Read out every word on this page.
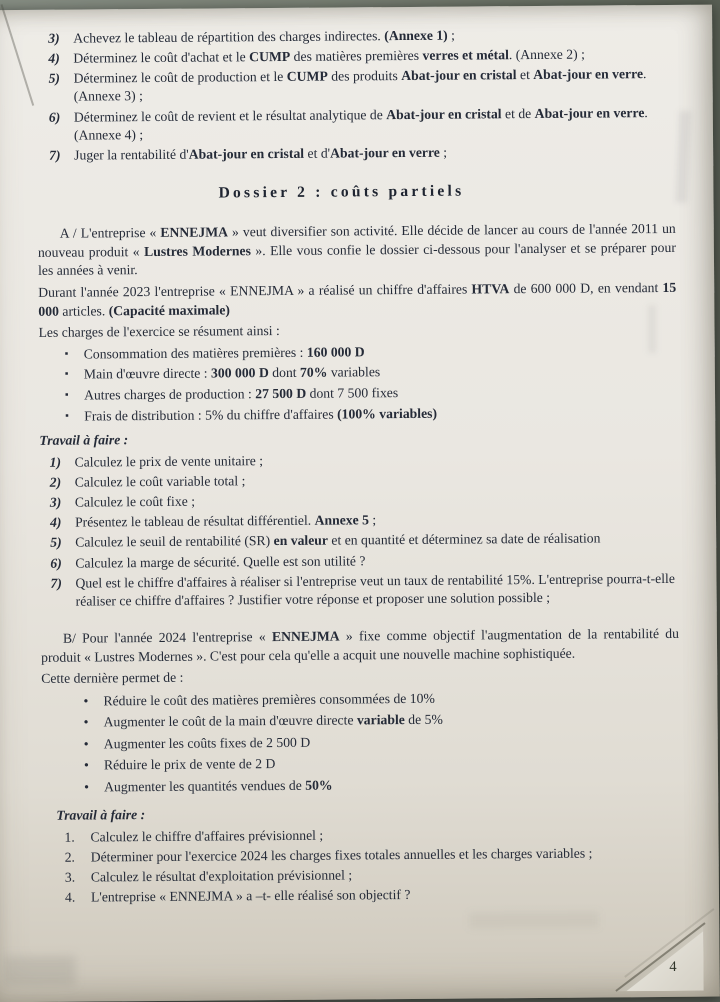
3) Achevez le tableau de répartition des charges indirectes. (Annexe 1) ;
4) Déterminez le coût d'achat et le CUMP des matières premières verres et métal. (Annexe 2) ;
5) Déterminez le coût de production et le CUMP des produits Abat-jour en cristal et Abat-jour en verre. (Annexe 3) ;
6) Déterminez le coût de revient et le résultat analytique de Abat-jour en cristal et de Abat-jour en verre. (Annexe 4) ;
7) Juger la rentabilité d'Abat-jour en cristal et d'Abat-jour en verre ;
Dossier 2 : coûts partiels

A / L'entreprise « ENNEJMA » veut diversifier son activité. Elle décide de lancer au cours de l'année 2011 un nouveau produit « Lustres Modernes ». Elle vous confie le dossier ci-dessous pour l'analyser et se préparer pour les années à venir.

Durant l'année 2023 l'entreprise « ENNEJMA » a réalisé un chiffre d'affaires HTVA de 600 000 D, en vendant 15 000 articles. (Capacité maximale)

Les charges de l'exercice se résument ainsi :

▪	Consommation des matières premières : 160 000 D
▪	Main d'œuvre directe : 300 000 D dont 70% variables
▪	Autres charges de production : 27 500 D dont 7 500 fixes
▪	Frais de distribution : 5% du chiffre d'affaires (100% variables)
Travail à faire :
1) Calculez le prix de vente unitaire ;
2) Calculez le coût variable total ;
3) Calculez le coût fixe ;
4) Présentez le tableau de résultat différentiel. Annexe 5 ;
5) Calculez le seuil de rentabilité (SR) en valeur et en quantité et déterminez sa date de réalisation
6) Calculez la marge de sécurité. Quelle est son utilité ?
7) Quel est le chiffre d'affaires à réaliser si l'entreprise veut un taux de rentabilité 15%. L'entreprise pourra-t-elle réaliser ce chiffre d'affaires ? Justifier votre réponse et proposer une solution possible ;

B/ Pour l'année 2024 l'entreprise « ENNEJMA » fixe comme objectif l'augmentation de la rentabilité du produit « Lustres Modernes ». C'est pour cela qu'elle a acquit une nouvelle machine sophistiquée.

Cette dernière permet de :

•	Réduire le coût des matières premières consommées de 10%
•	Augmenter le coût de la main d'œuvre directe variable de 5%
•	Augmenter les coûts fixes de 2 500 D
•	Réduire le prix de vente de 2 D
•	Augmenter les quantités vendues de 50%
Travail à faire :
1.	Calculez le chiffre d'affaires prévisionnel ;
2.	Déterminer pour l'exercice 2024 les charges fixes totales annuelles et les charges variables ;
3.	Calculez le résultat d'exploitation prévisionnel ;
4.	L'entreprise « ENNEJMA » a –t- elle réalisé son objectif ?
4
